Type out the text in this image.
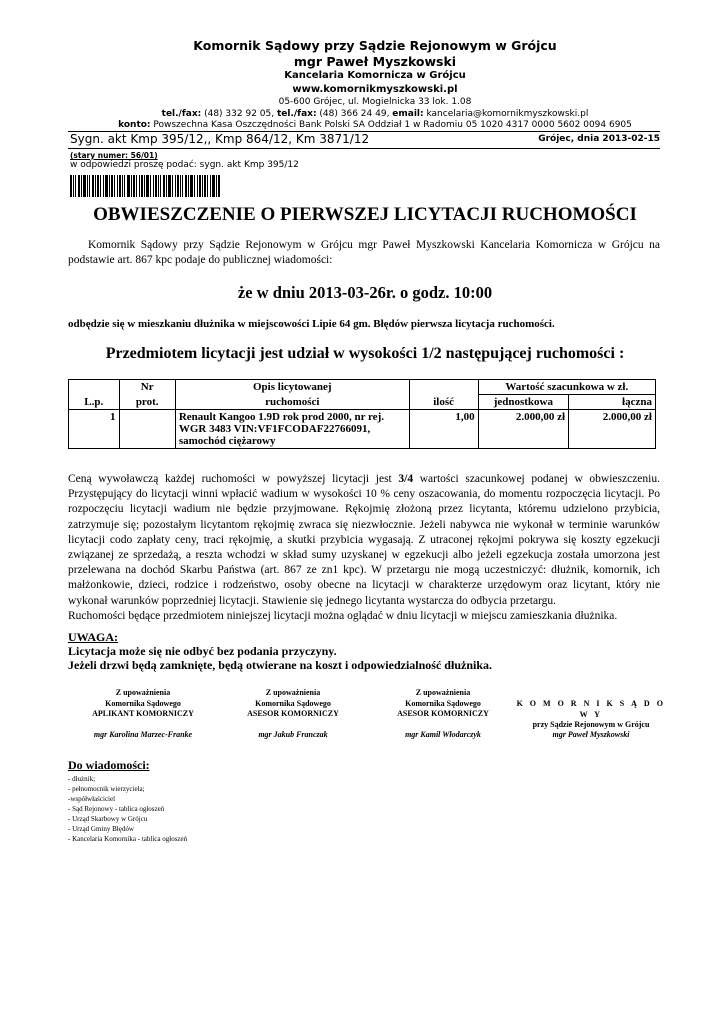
Komornik Sądowy przy Sądzie Rejonowym w Grójcu
mgr Paweł Myszkowski
Kancelaria Komornicza w Grójcu
www.komornikmyszkowski.pl
05-600 Grójec, ul. Mogielnicka 33 lok. 1.08
tel./fax: (48) 332 92 05, tel./fax: (48) 366 24 49, email: kancelaria@komornikmyszkowski.pl
konto: Powszechna Kasa Oszczędności Bank Polski SA Oddział 1 w Radomiu 05 1020 4317 0000 5602 0094 6905
Sygn. akt Kmp 395/12,, Kmp 864/12, Km 3871/12	Grójec, dnia 2013-02-15
(stary numer: 56/01)
w odpowiedzi proszę podać: sygn. akt Kmp 395/12
OBWIESZCZENIE O PIERWSZEJ LICYTACJI RUCHOMOŚCI
Komornik Sądowy przy Sądzie Rejonowym w Grójcu mgr Paweł Myszkowski Kancelaria Komornicza w Grójcu na podstawie art. 867 kpc podaje do publicznej wiadomości:
że w dniu 2013-03-26r. o godz. 10:00
odbędzie się w mieszkaniu dłużnika w miejscowości Lipie 64 gm. Błędów pierwsza licytacja ruchomości.
Przedmiotem licytacji jest udział w wysokości 1/2 następującej ruchomości :
L.p.	Nr	Opis licytowanej	ilość	Wartość szacunkowa w zł.	
	prot.	ruchomości		jednostkowa	łączna
1		Renault Kangoo 1.9D rok prod 2000, nr rej. WGR 3483 VIN:VF1FCODAF22766091, samochód ciężarowy	1,00	2.000,00 zł	2.000,00 zł
Ceną wywoławczą każdej ruchomości w powyższej licytacji jest 3/4 wartości szacunkowej podanej w obwieszczeniu. Przystępujący do licytacji winni wpłacić wadium w wysokości 10 % ceny oszacowania, do momentu rozpoczęcia licytacji. Po rozpoczęciu licytacji wadium nie będzie przyjmowane. Rękojmię złożoną przez licytanta, któremu udzielono przybicia, zatrzymuje się; pozostałym licytantom rękojmię zwraca się niezwłocznie. Jeżeli nabywca nie wykonał w terminie warunków licytacji codo zapłaty ceny, traci rękojmię, a skutki przybicia wygasają. Z utraconej rękojmi pokrywa się koszty egzekucji związanej ze sprzedażą, a reszta wchodzi w skład sumy uzyskanej w egzekucji albo jeżeli egzekucja została umorzona jest przelewana na dochód Skarbu Państwa (art. 867 ze zn1 kpc). W przetargu nie mogą uczestniczyć: dłużnik, komornik, ich małżonkowie, dzieci, rodzice i rodzeństwo, osoby obecne na licytacji w charakterze urzędowym oraz licytant, który nie wykonał warunków poprzedniej licytacji. Stawienie się jednego licytanta wystarcza do odbycia przetargu.
Ruchomości będące przedmiotem niniejszej licytacji można oglądać w dniu licytacji w miejscu zamieszkania dłużnika.
UWAGA:
Licytacja może się nie odbyć bez podania przyczyny.
Jeżeli drzwi będą zamknięte, będą otwierane na koszt i odpowiedzialność dłużnika.
Z upoważnienia
Komornika Sądowego
APLIKANT KOMORNICZY
mgr Karolina Marzec-Franke
Z upoważnienia
Komornika Sądowego
ASESOR KOMORNICZY
mgr Jakub Franczak
Z upoważnienia
Komornika Sądowego
ASESOR KOMORNICZY
mgr Kamil Włodarczyk
K O M O R N I K S Ą D O W Y
przy Sądzie Rejonowym w Grójcu
mgr Paweł Myszkowski
Do wiadomości:
- dłużnik;
- pełnomocnik wierzyciela;
-współwłaściciel
- Sąd Rejonowy - tablica ogłoszeń
- Urząd Skarbowy w Grójcu
- Urząd Gminy Błędów
- Kancelaria Komornika - tablica ogłoszeń
